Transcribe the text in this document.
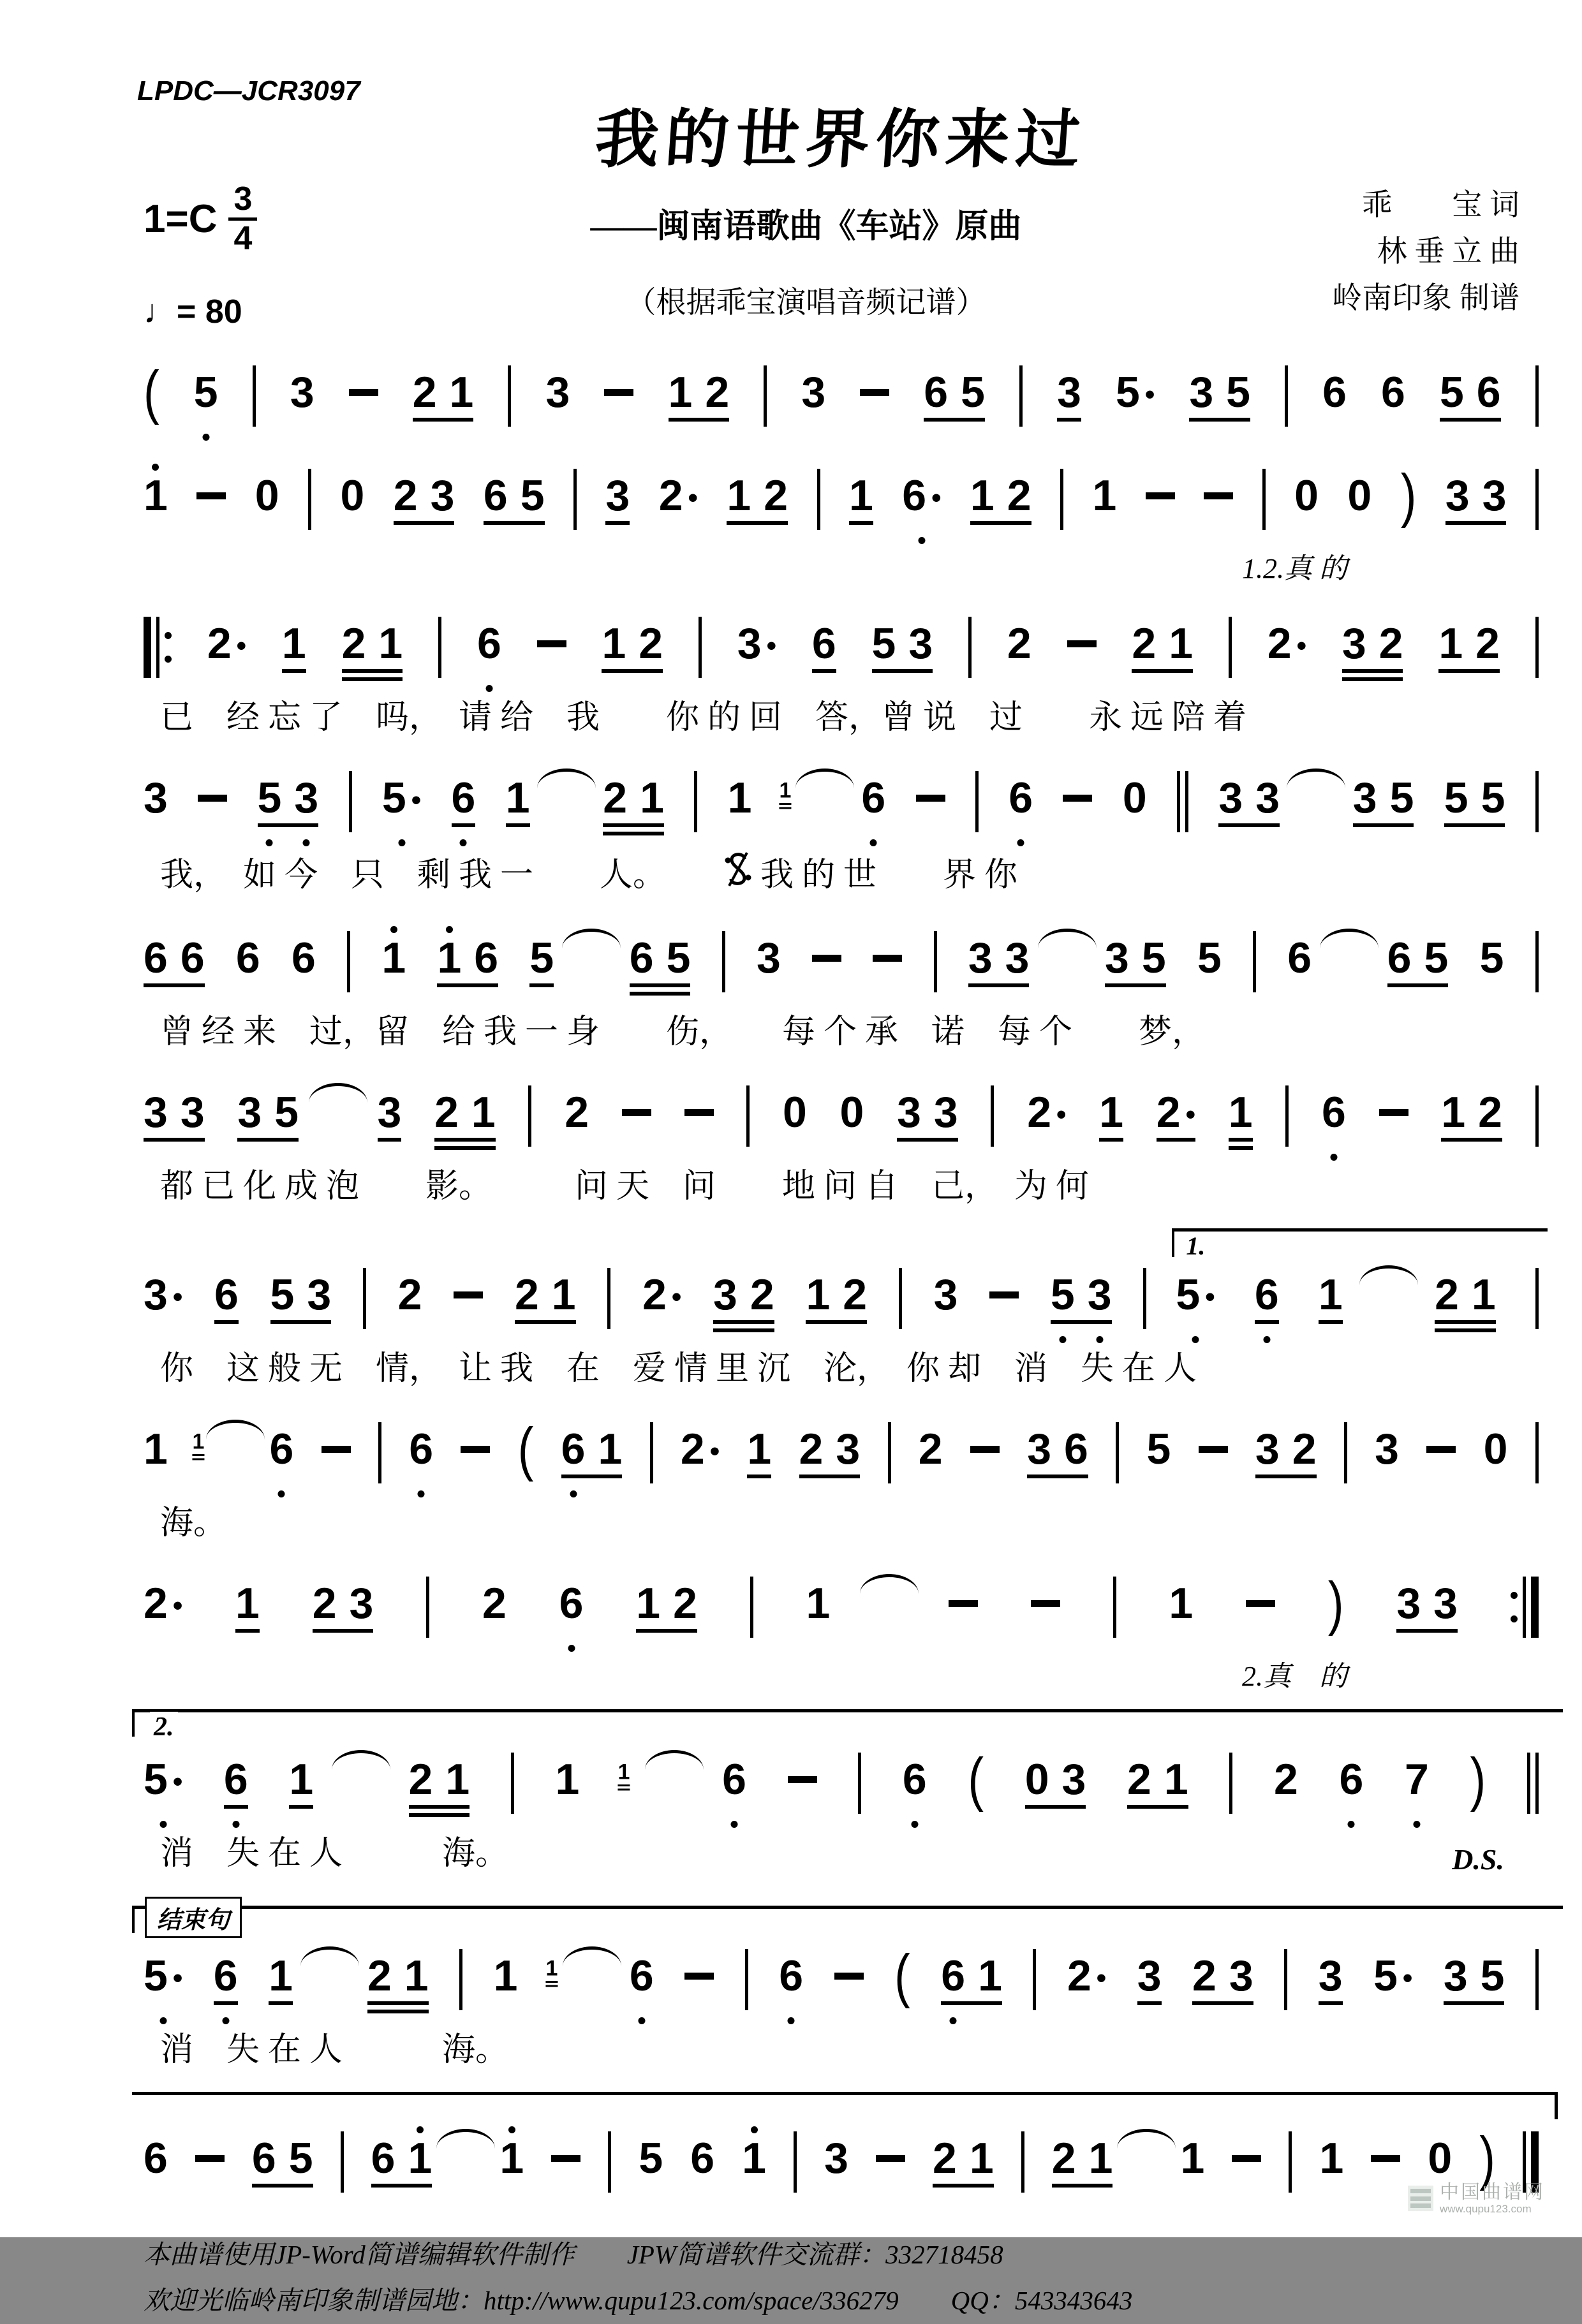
LPDC—JCR3097
我的世界你来过
$1=C \frac{3}{4}$
♩= 80
——闽南语歌曲《车站》原曲
（根据乖宝演唱音频记谱）
乖　　宝 词
林 垂 立 曲
岭南印象 制谱
( 5 3 2 1 3 1 2 3 6 5 3 5 • 3 5 6 6 5 6
1 0 0 2 3 6 5 3 2 • 1 2 1 6 • 1 2 1	0 0 ) 3 3
1.2.真 的
2 • 1 2 1 6 1 2 3 • 6 5 3 2 2 1 2 • 3 2 1 2
已　经 忘 了　吗，　请 给　我　　你 的 回　答，曾 说　过　　永 远 陪 着
3 5 3 5 • 6 1 2 1 1 1 6	6 0 3 3 3 5 5 5
我，　如 今　只　剩 我 一　　人。　　 我 的 世　　界 你
6 6 6 6 1 1 6 5 6 5 3	3 3 3 5 5 6 6 5 5
曾 经 来　过，留　给 我 一 身　　伤，　　每 个 承　诺　每 个　　梦，
3 3 3 5 3 2 1 2	0 0 3 3 2 • 1 2 • 1 6 1 2
都 已 化 成 泡　　影。　　　问 天　问　　地 问 自　己，　为 何
3 • 6 5 3 2 2 1 2 • 3 2 1 2 3 5 3
1.
5 • 6 1 2 1
你　这 般 无　情，　让 我　在　爱 情 里 沉　沦，　你 却　消　失 在 人
1 1 6	6 ( 6 1 2 • 1 2 3 2 3 6 5 3 2 3 0
海。
2 • 1 2 3	2 6 1 2	1	1	) 3 3
2.真　的
2.
5 • 6 1 2 1 1 1 6	6 ( 0 3 2 1 2 6 7 )
消　失 在 人　　　海。	D.S.
结束句
5 • 6 1 2 1 1 1 6	6 ( 6 1 2 • 3 2 3 3 5 • 3 5
消　失 在 人　　　海。
6 6 5 6 1 1	5 6 1 3 2 1 2 1 1	1 0 )
本曲谱使用JP-Word简谱编辑软件制作　　JPW简谱软件交流群：332718458
欢迎光临岭南印象制谱园地：http://www.qupu123.com/space/336279　　QQ：543343643
中国曲谱网
www.qupu123.com
